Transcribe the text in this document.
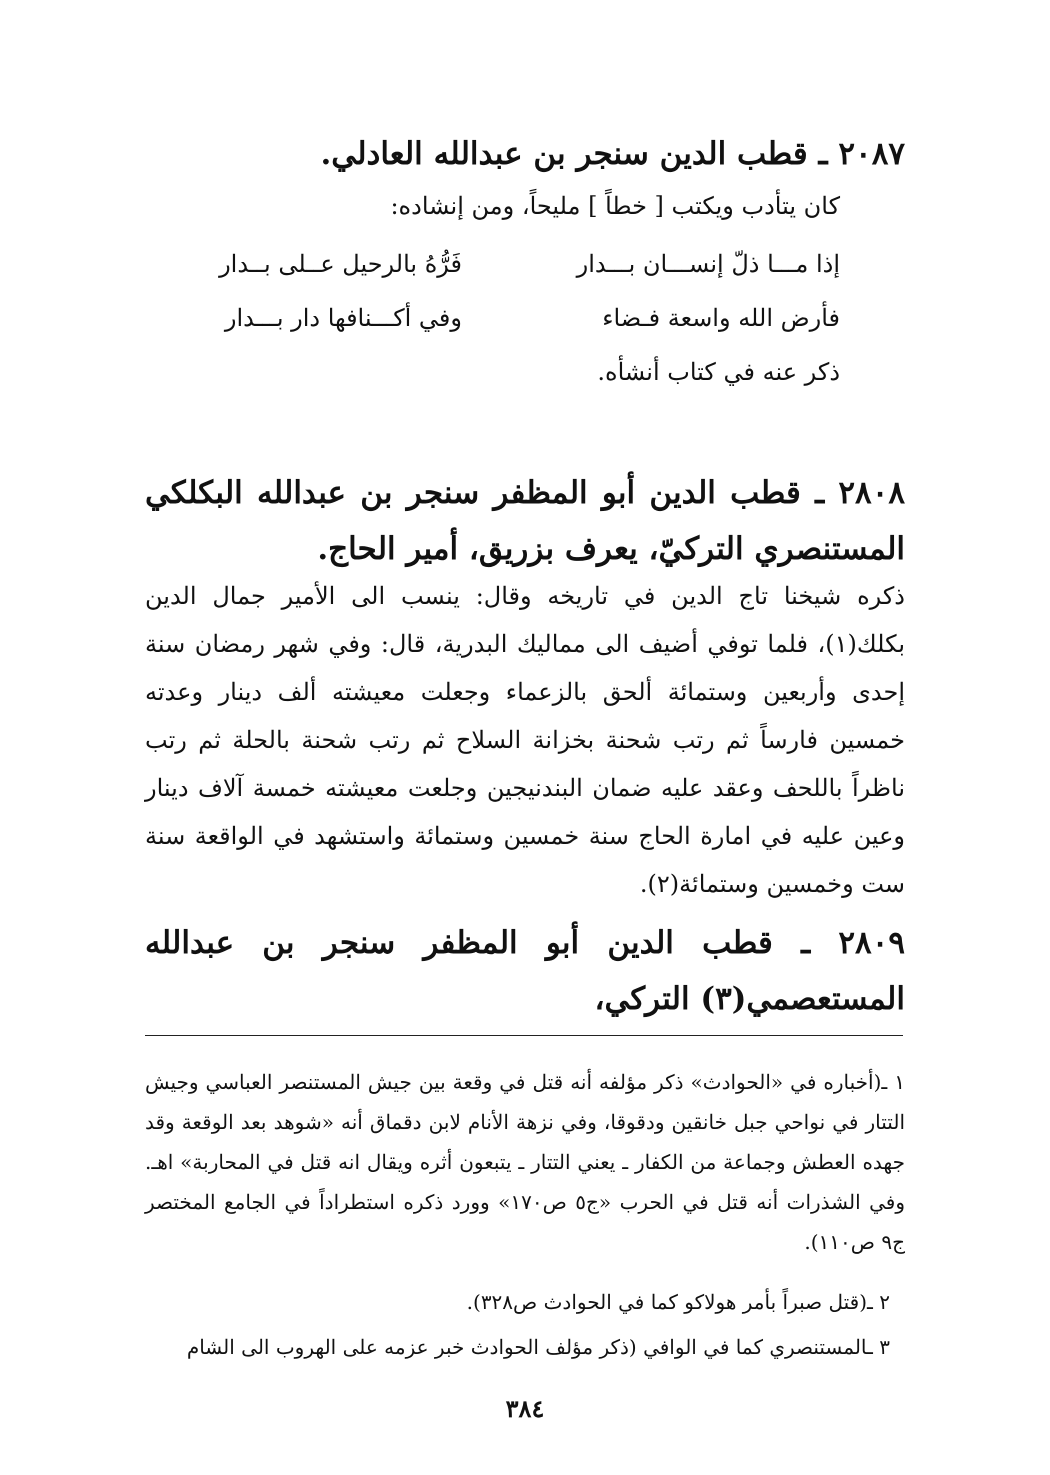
٢٠٨٧ ـ قطب الدين سنجر بن عبدالله العادلي.
كان يتأدب ويكتب [ خطاً ] مليحاً، ومن إنشاده:
إذا مـــا ذلّ إنســـان بـــدار
فَرُّهُ بالرحيل عــلى بــدار
فأرض الله واسعة فـضاء
وفي أكـــنافها دار بـــدار
ذكر عنه في كتاب أنشأه.
٢٨٠٨ ـ قطب الدين أبو المظفر سنجر بن عبدالله البكلكي المستنصري التركيّ، يعرف بزريق، أمير الحاج.
ذكره شيخنا تاج الدين في تاريخه وقال: ينسب الى الأمير جمال الدين بكلك(١)، فلما توفي أضيف الى مماليك البدرية، قال: وفي شهر رمضان سنة إحدى وأربعين وستمائة ألحق بالزعماء وجعلت معيشته ألف دينار وعدته خمسين فارساً ثم رتب شحنة بخزانة السلاح ثم رتب شحنة بالحلة ثم رتب ناظراً باللحف وعقد عليه ضمان البندنيجين وجلعت معيشته خمسة آلاف دينار وعين عليه في امارة الحاج سنة خمسين وستمائة واستشهد في الواقعة سنة ست وخمسين وستمائة(٢).
٢٨٠٩ ـ قطب الدين أبو المظفر سنجر بن عبدالله المستعصمي(٣) التركي،
١ ـ(أخباره في «الحوادث» ذكر مؤلفه أنه قتل في وقعة بين جيش المستنصر العباسي وجيش التتار في نواحي جبل خانقين ودقوقا، وفي نزهة الأنام لابن دقماق أنه «شوهد بعد الوقعة وقد جهده العطش وجماعة من الكفار ـ يعني التتار ـ يتبعون أثره ويقال انه قتل في المحاربة» اهـ. وفي الشذرات أنه قتل في الحرب «ج٥ ص١٧٠» وورد ذكره استطراداً في الجامع المختصر ج٩ ص١١٠).
٢ ـ(قتل صبراً بأمر هولاكو كما في الحوادث ص٣٢٨).
٣ ـالمستنصري كما في الوافي (ذكر مؤلف الحوادث خبر عزمه على الهروب الى الشام
٣٨٤
